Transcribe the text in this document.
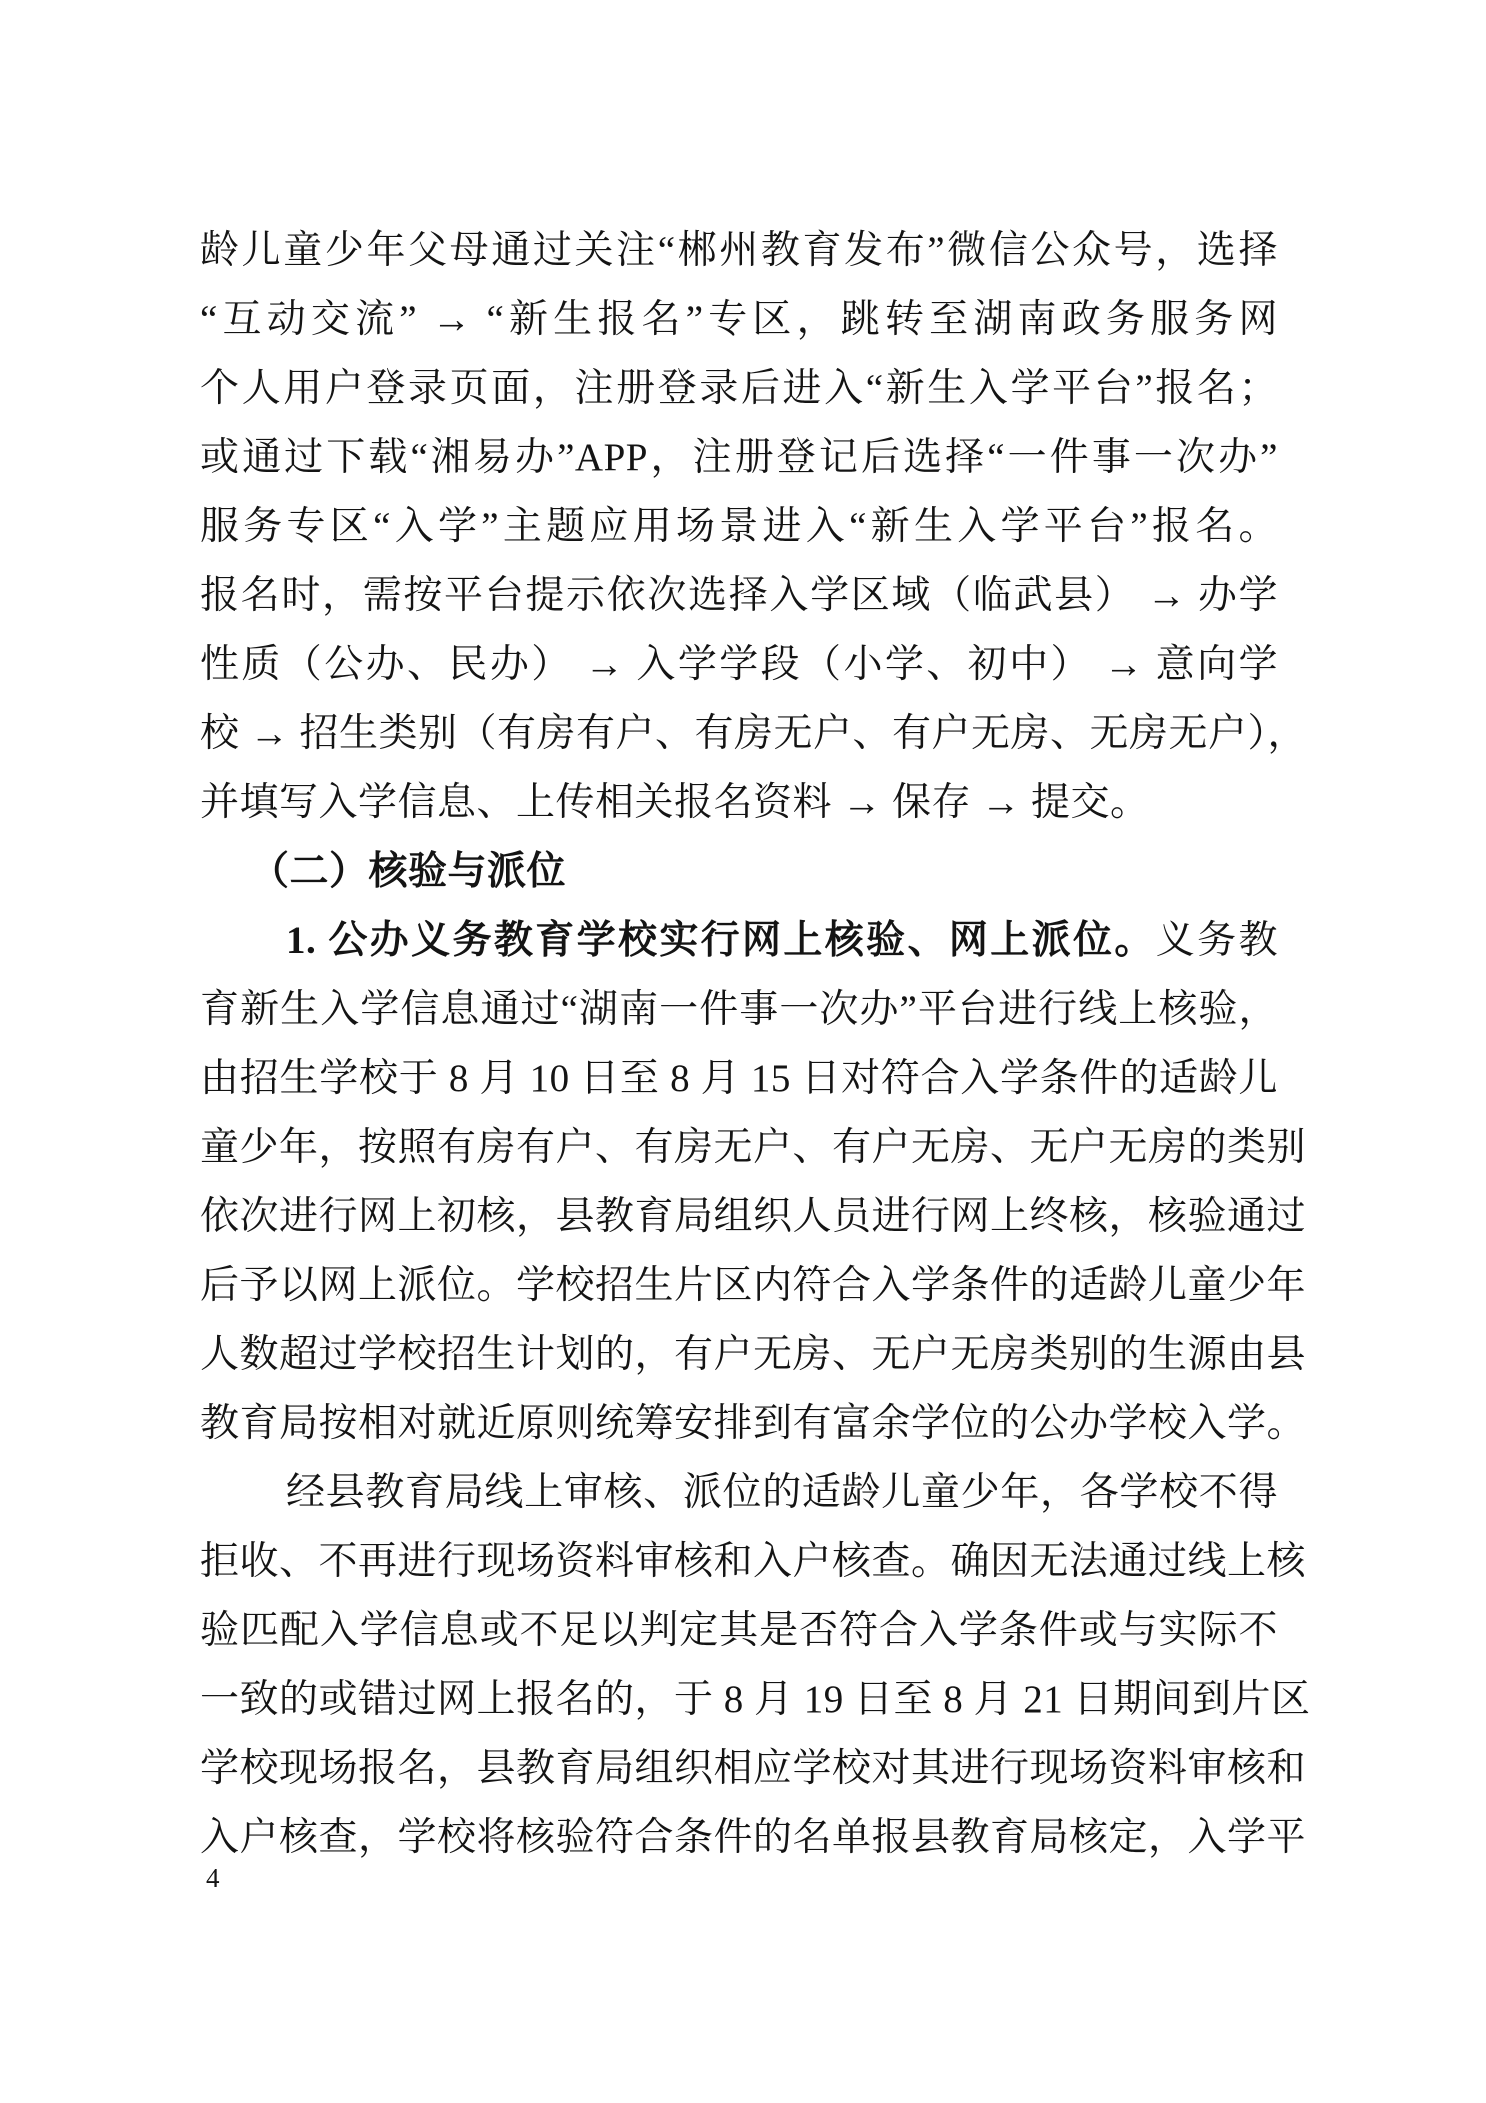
龄儿童少年父母通过关注“郴州教育发布”微信公众号，选择
“互动交流” → “新生报名”专区，跳转至湖南政务服务网
个人用户登录页面，注册登录后进入“新生入学平台”报名；
或通过下载“湘易办”APP，注册登记后选择“一件事一次办”
服务专区“入学”主题应用场景进入“新生入学平台”报名。
报名时，需按平台提示依次选择入学区域（临武县） → 办学
性质（公办、民办） → 入学学段（小学、初中） → 意向学
校 → 招生类别（有房有户、有房无户、有户无房、无房无户），
并填写入学信息、上传相关报名资料 → 保存 → 提交。
（二）核验与派位
1. 公办义务教育学校实行网上核验、网上派位。义务教
育新生入学信息通过“湖南一件事一次办”平台进行线上核验，
由招生学校于 8 月 10 日至 8 月 15 日对符合入学条件的适龄儿
童少年，按照有房有户、有房无户、有户无房、无户无房的类别
依次进行网上初核，县教育局组织人员进行网上终核，核验通过
后予以网上派位。学校招生片区内符合入学条件的适龄儿童少年
人数超过学校招生计划的，有户无房、无户无房类别的生源由县
教育局按相对就近原则统筹安排到有富余学位的公办学校入学。
经县教育局线上审核、派位的适龄儿童少年，各学校不得
拒收、不再进行现场资料审核和入户核查。确因无法通过线上核
验匹配入学信息或不足以判定其是否符合入学条件或与实际不
一致的或错过网上报名的，于 8 月 19 日至 8 月 21 日期间到片区
学校现场报名，县教育局组织相应学校对其进行现场资料审核和
入户核查，学校将核验符合条件的名单报县教育局核定，入学平
4
